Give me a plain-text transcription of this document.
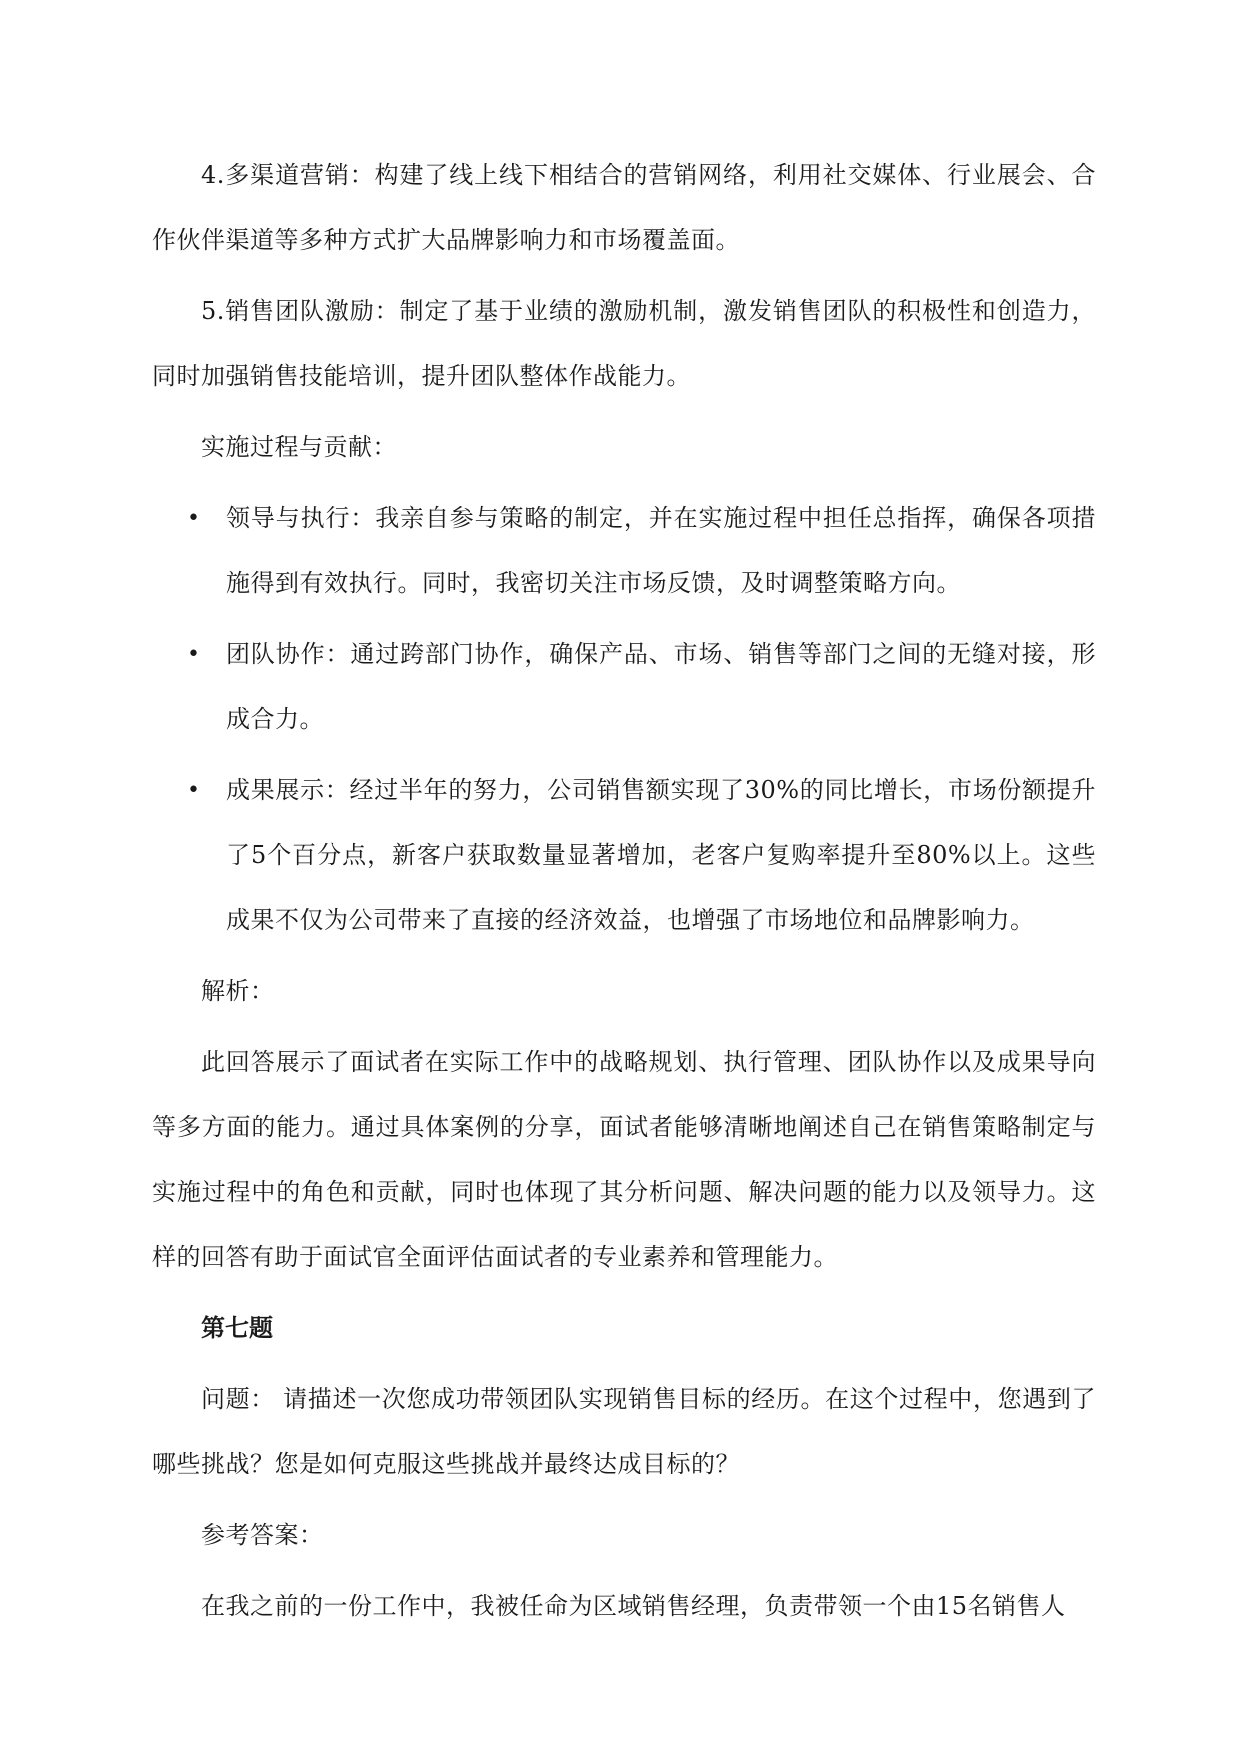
4.多渠道营销：构建了线上线下相结合的营销网络，利用社交媒体、行业展会、合作伙伴渠道等多种方式扩大品牌影响力和市场覆盖面。

5.销售团队激励：制定了基于业绩的激励机制，激发销售团队的积极性和创造力，同时加强销售技能培训，提升团队整体作战能力。

实施过程与贡献：

• 领导与执行：我亲自参与策略的制定，并在实施过程中担任总指挥，确保各项措施得到有效执行。同时，我密切关注市场反馈，及时调整策略方向。
• 团队协作：通过跨部门协作，确保产品、市场、销售等部门之间的无缝对接，形成合力。
• 成果展示：经过半年的努力，公司销售额实现了30%的同比增长，市场份额提升了5个百分点，新客户获取数量显著增加，老客户复购率提升至80%以上。这些成果不仅为公司带来了直接的经济效益，也增强了市场地位和品牌影响力。

解析：

此回答展示了面试者在实际工作中的战略规划、执行管理、团队协作以及成果导向等多方面的能力。通过具体案例的分享，面试者能够清晰地阐述自己在销售策略制定与实施过程中的角色和贡献，同时也体现了其分析问题、解决问题的能力以及领导力。这样的回答有助于面试官全面评估面试者的专业素养和管理能力。

第七题

问题： 请描述一次您成功带领团队实现销售目标的经历。在这个过程中，您遇到了哪些挑战？您是如何克服这些挑战并最终达成目标的？

参考答案：

在我之前的一份工作中，我被任命为区域销售经理，负责带领一个由15名销售人
